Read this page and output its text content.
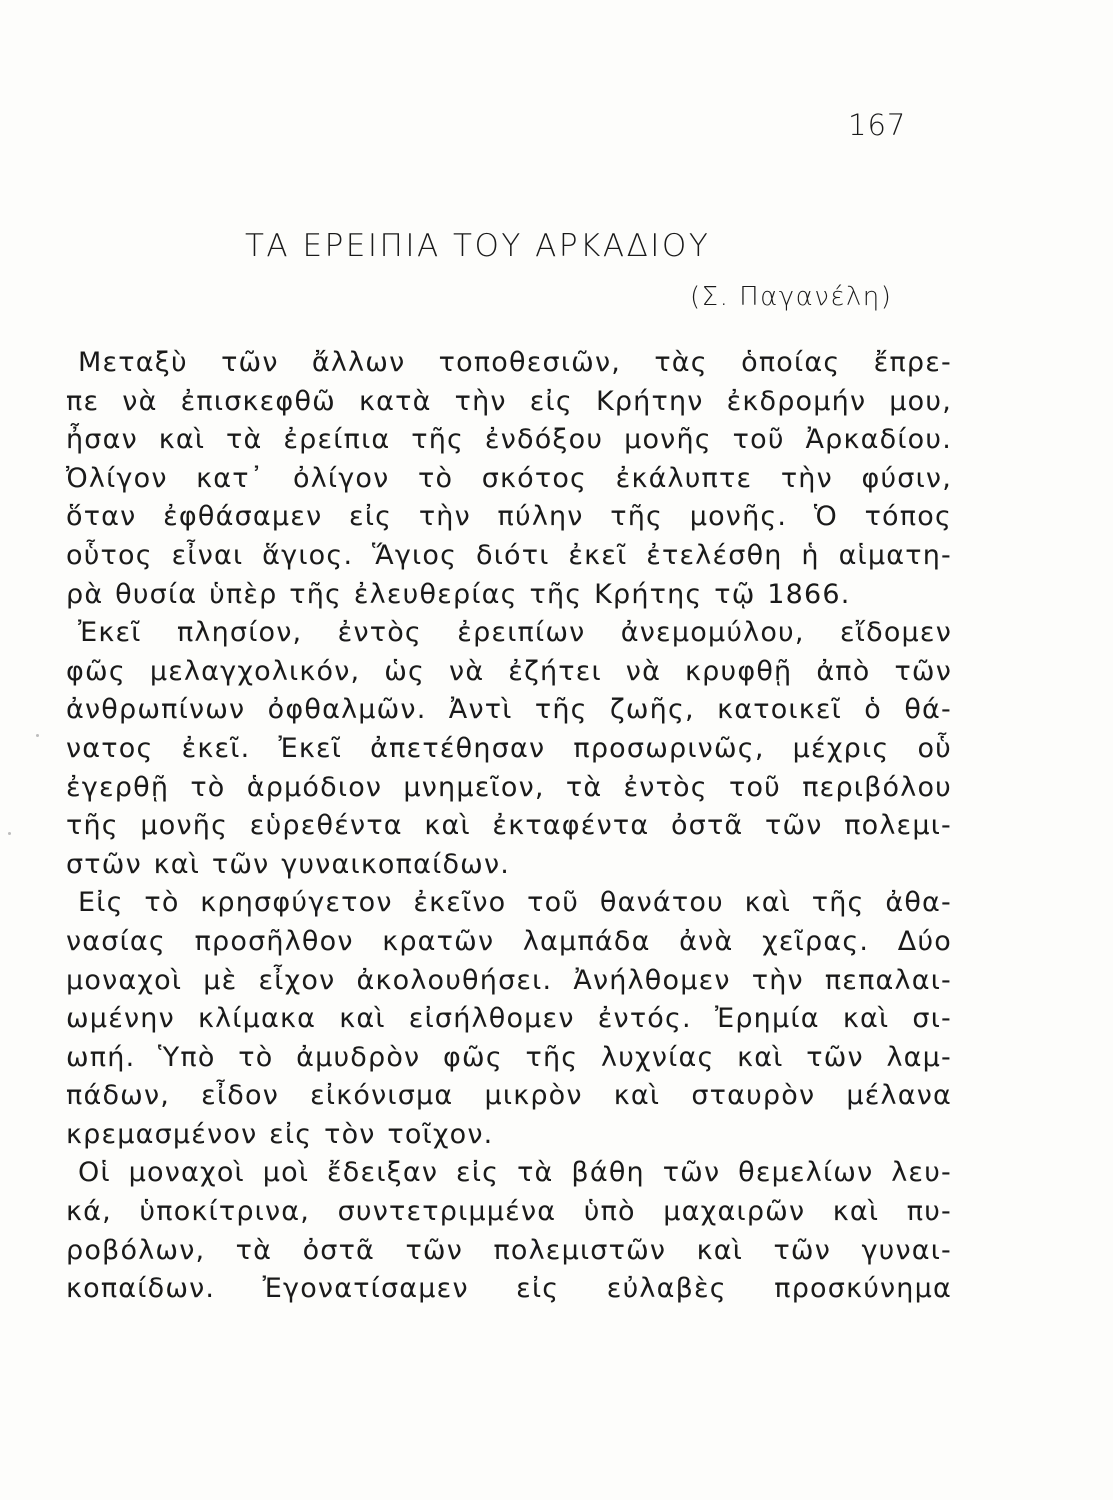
167
ΤΑ ΕΡΕΙΠΙΑ ΤΟΥ ΑΡΚΑΔΙΟΥ
(Σ. Παγανέλη)
Μεταξὺ τῶν ἄλλων τοποθεσιῶν, τὰς ὁποίας ἔπρε-
πε νὰ ἐπισκεφθῶ κατὰ τὴν εἰς Κρήτην ἐκδρομήν μου,
ἦσαν καὶ τὰ ἐρείπια τῆς ἐνδόξου μονῆς τοῦ Ἀρκαδίου.
Ὀλίγον κατ᾽ ὀλίγον τὸ σκότος ἐκάλυπτε τὴν φύσιν,
ὅταν ἐφθάσαμεν εἰς τὴν πύλην τῆς μονῆς. Ὁ τόπος
οὗτος εἶναι ἅγιος. Ἅγιος διότι ἐκεῖ ἐτελέσθη ἡ αἱματη-
ρὰ θυσία ὑπὲρ τῆς ἐλευθερίας τῆς Κρήτης τῷ 1866.
Ἐκεῖ πλησίον, ἐντὸς ἐρειπίων ἀνεμομύλου, εἴδομεν
φῶς μελαγχολικόν, ὡς νὰ ἐζήτει νὰ κρυφθῇ ἀπὸ τῶν
ἀνθρωπίνων ὀφθαλμῶν. Ἀντὶ τῆς ζωῆς, κατοικεῖ ὁ θά-
νατος ἐκεῖ. Ἐκεῖ ἀπετέθησαν προσωρινῶς, μέχρις οὗ
ἐγερθῇ τὸ ἁρμόδιον μνημεῖον, τὰ ἐντὸς τοῦ περιβόλου
τῆς μονῆς εὑρεθέντα καὶ ἐκταφέντα ὀστᾶ τῶν πολεμι-
στῶν καὶ τῶν γυναικοπαίδων.
Εἰς τὸ κρησφύγετον ἐκεῖνο τοῦ θανάτου καὶ τῆς ἀθα-
νασίας προσῆλθον κρατῶν λαμπάδα ἀνὰ χεῖρας. Δύο
μοναχοὶ μὲ εἶχον ἀκολουθήσει. Ἀνήλθομεν τὴν πεπαλαι-
ωμένην κλίμακα καὶ εἰσήλθομεν ἐντός. Ἐρημία καὶ σι-
ωπή. Ὑπὸ τὸ ἀμυδρὸν φῶς τῆς λυχνίας καὶ τῶν λαμ-
πάδων, εἶδον εἰκόνισμα μικρὸν καὶ σταυρὸν μέλανα
κρεμασμένον εἰς τὸν τοῖχον.
Οἱ μοναχοὶ μοὶ ἔδειξαν εἰς τὰ βάθη τῶν θεμελίων λευ-
κά, ὑποκίτρινα, συντετριμμένα ὑπὸ μαχαιρῶν καὶ πυ-
ροβόλων, τὰ ὀστᾶ τῶν πολεμιστῶν καὶ τῶν γυναι-
κοπαίδων. Ἐγονατίσαμεν εἰς εὐλαβὲς προσκύνημα
